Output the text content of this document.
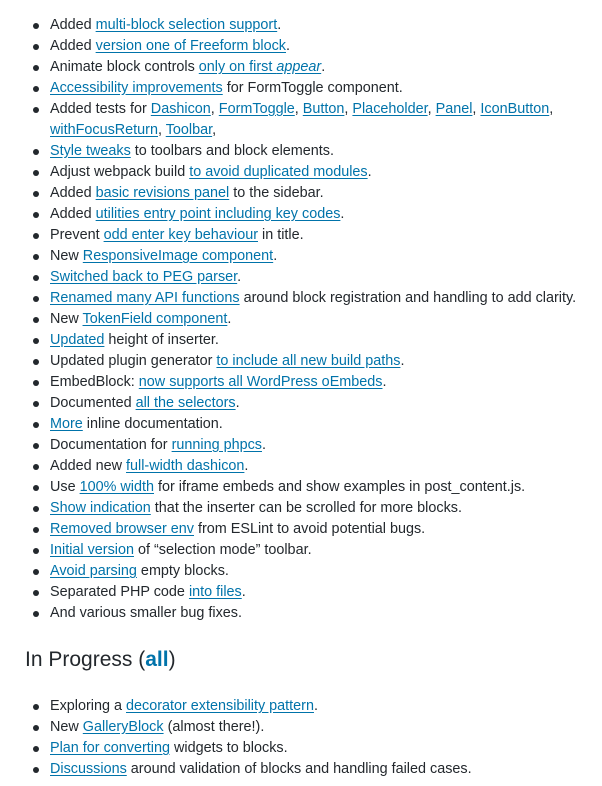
Added multi-block selection support.
Added version one of Freeform block.
Animate block controls only on first appear.
Accessibility improvements for FormToggle component.
Added tests for Dashicon, FormToggle, Button, Placeholder, Panel, IconButton, withFocusReturn, Toolbar,
Style tweaks to toolbars and block elements.
Adjust webpack build to avoid duplicated modules.
Added basic revisions panel to the sidebar.
Added utilities entry point including key codes.
Prevent odd enter key behaviour in title.
New ResponsiveImage component.
Switched back to PEG parser.
Renamed many API functions around block registration and handling to add clarity.
New TokenField component.
Updated height of inserter.
Updated plugin generator to include all new build paths.
EmbedBlock: now supports all WordPress oEmbeds.
Documented all the selectors.
More inline documentation.
Documentation for running phpcs.
Added new full-width dashicon.
Use 100% width for iframe embeds and show examples in post_content.js.
Show indication that the inserter can be scrolled for more blocks.
Removed browser env from ESLint to avoid potential bugs.
Initial version of “selection mode” toolbar.
Avoid parsing empty blocks.
Separated PHP code into files.
And various smaller bug fixes.
In Progress (all)
Exploring a decorator extensibility pattern.
New GalleryBlock (almost there!).
Plan for converting widgets to blocks.
Discussions around validation of blocks and handling failed cases.
